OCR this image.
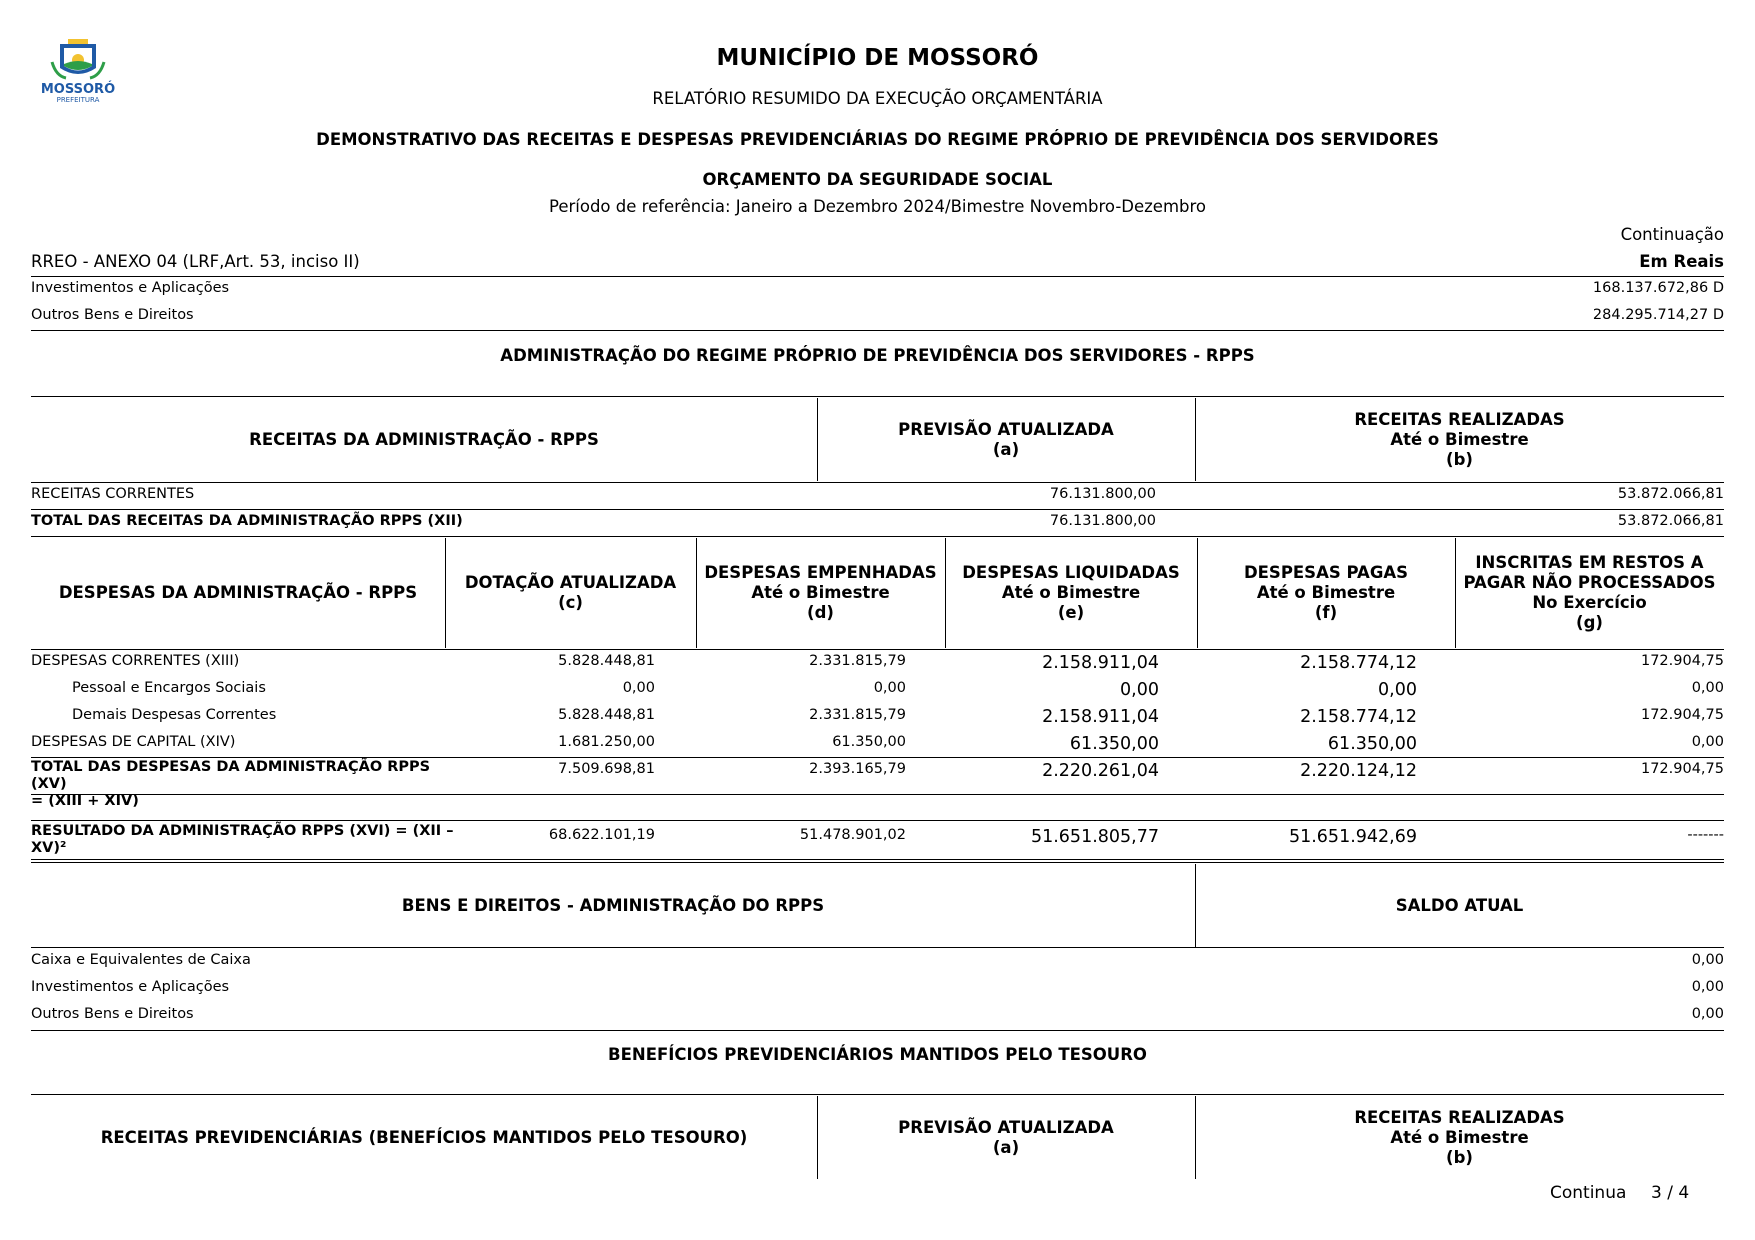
MOSSORÓ
PREFEITURA
MUNICÍPIO DE MOSSORÓ
RELATÓRIO RESUMIDO DA EXECUÇÃO ORÇAMENTÁRIA
DEMONSTRATIVO DAS RECEITAS E DESPESAS PREVIDENCIÁRIAS DO REGIME PRÓPRIO DE PREVIDÊNCIA DOS SERVIDORES
ORÇAMENTO DA SEGURIDADE SOCIAL
Período de referência: Janeiro a Dezembro 2024/Bimestre Novembro-Dezembro
Continuação
RREO - ANEXO 04 (LRF,Art. 53, inciso II)	Em Reais
Investimentos e Aplicações	168.137.672,86 D
Outros Bens e Direitos	284.295.714,27 D
ADMINISTRAÇÃO DO REGIME PRÓPRIO DE PREVIDÊNCIA DOS SERVIDORES - RPPS
RECEITAS DA ADMINISTRAÇÃO - RPPS
PREVISÃO ATUALIZADA
(a)
RECEITAS REALIZADAS
Até o Bimestre
(b)
RECEITAS CORRENTES	76.131.800,00	53.872.066,81
TOTAL DAS RECEITAS DA ADMINISTRAÇÃO RPPS (XII)	76.131.800,00	53.872.066,81
DESPESAS DA ADMINISTRAÇÃO - RPPS
DOTAÇÃO ATUALIZADA
(c)
DESPESAS EMPENHADAS
Até o Bimestre
(d)
DESPESAS LIQUIDADAS
Até o Bimestre
(e)
DESPESAS PAGAS
Até o Bimestre
(f)
INSCRITAS EM RESTOS A
PAGAR NÃO PROCESSADOS
No Exercício
(g)
DESPESAS CORRENTES (XIII)	5.828.448,81	2.331.815,79	2.158.911,04	2.158.774,12	172.904,75
Pessoal e Encargos Sociais	0,00	0,00	0,00	0,00	0,00
Demais Despesas Correntes	5.828.448,81	2.331.815,79	2.158.911,04	2.158.774,12	172.904,75
DESPESAS DE CAPITAL (XIV)	1.681.250,00	61.350,00	61.350,00	61.350,00	0,00
TOTAL DAS DESPESAS DA ADMINISTRAÇÃO RPPS (XV)
= (XIII + XIV)
7.509.698,81	2.393.165,79	2.220.261,04	2.220.124,12	172.904,75
RESULTADO DA ADMINISTRAÇÃO RPPS (XVI) = (XII –
XV)²
68.622.101,19	51.478.901,02	51.651.805,77	51.651.942,69	-------
BENS E DIREITOS - ADMINISTRAÇÃO DO RPPS	SALDO ATUAL
Caixa e Equivalentes de Caixa	0,00
Investimentos e Aplicações	0,00
Outros Bens e Direitos	0,00
BENEFÍCIOS PREVIDENCIÁRIOS MANTIDOS PELO TESOURO
RECEITAS PREVIDENCIÁRIAS (BENEFÍCIOS MANTIDOS PELO TESOURO)
PREVISÃO ATUALIZADA
(a)
RECEITAS REALIZADAS
Até o Bimestre
(b)
Continua 3 / 4
